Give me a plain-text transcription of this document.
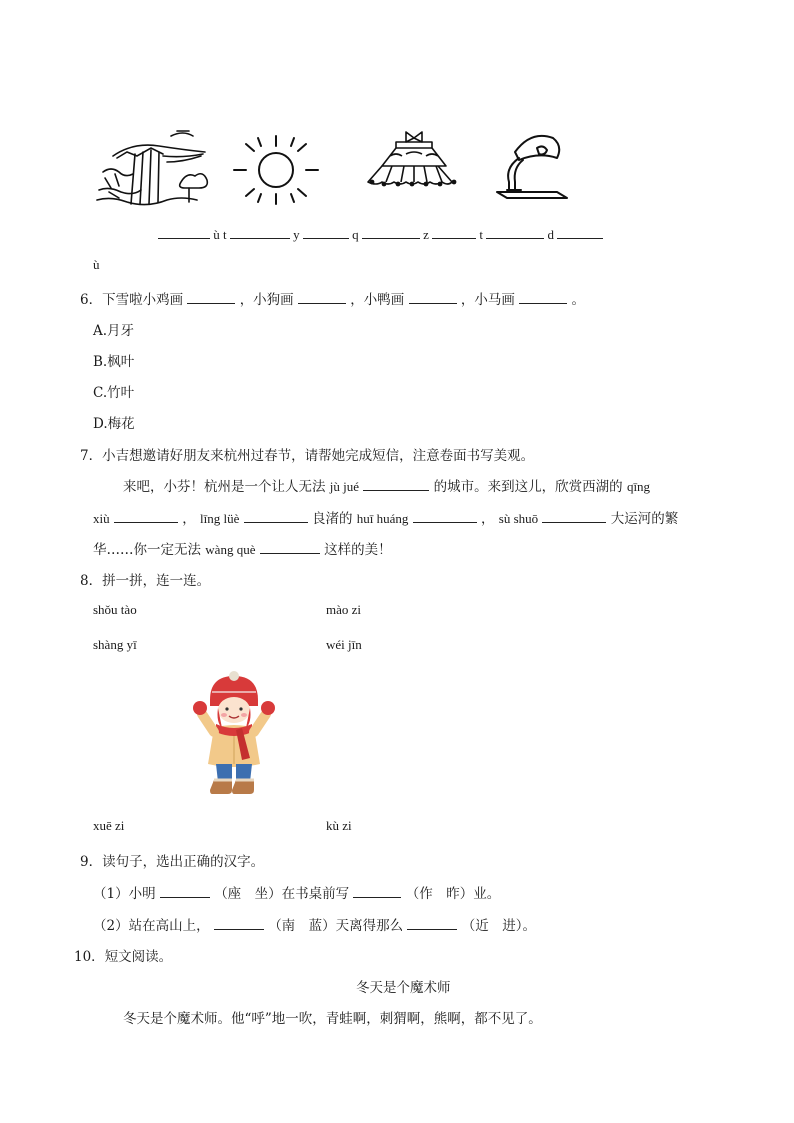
ù t	y	q	z	t	d
ù
6．下雪啦小鸡画	，小狗画	，小鸭画	，小马画	。
A.月牙
B.枫叶
C.竹叶
D.梅花
7．小吉想邀请好朋友来杭州过春节，请帮她完成短信，注意卷面书写美观。
来吧，小芬！杭州是一个让人无法 jù jué	的城市。来到这儿，欣赏西湖的 qīng
xiù	， līng lüè	良渚的 huī huáng	， sù shuō	大运河的繁
华……你一定无法 wàng què	这样的美！
8．拼一拼，连一连。
shǒu tào	mào zi
shàng yī	wéi jīn
xuē zi	kù zi
9．读句子，选出正确的汉字。
（1）小明	（座　坐）在书桌前写	（作　昨）业。
（2）站在高山上，	（南　蓝）天离得那么	（近　进）。
10．短文阅读。
冬天是个魔术师
冬天是个魔术师。他“呼”地一吹，青蛙啊，刺猬啊，熊啊，都不见了。
